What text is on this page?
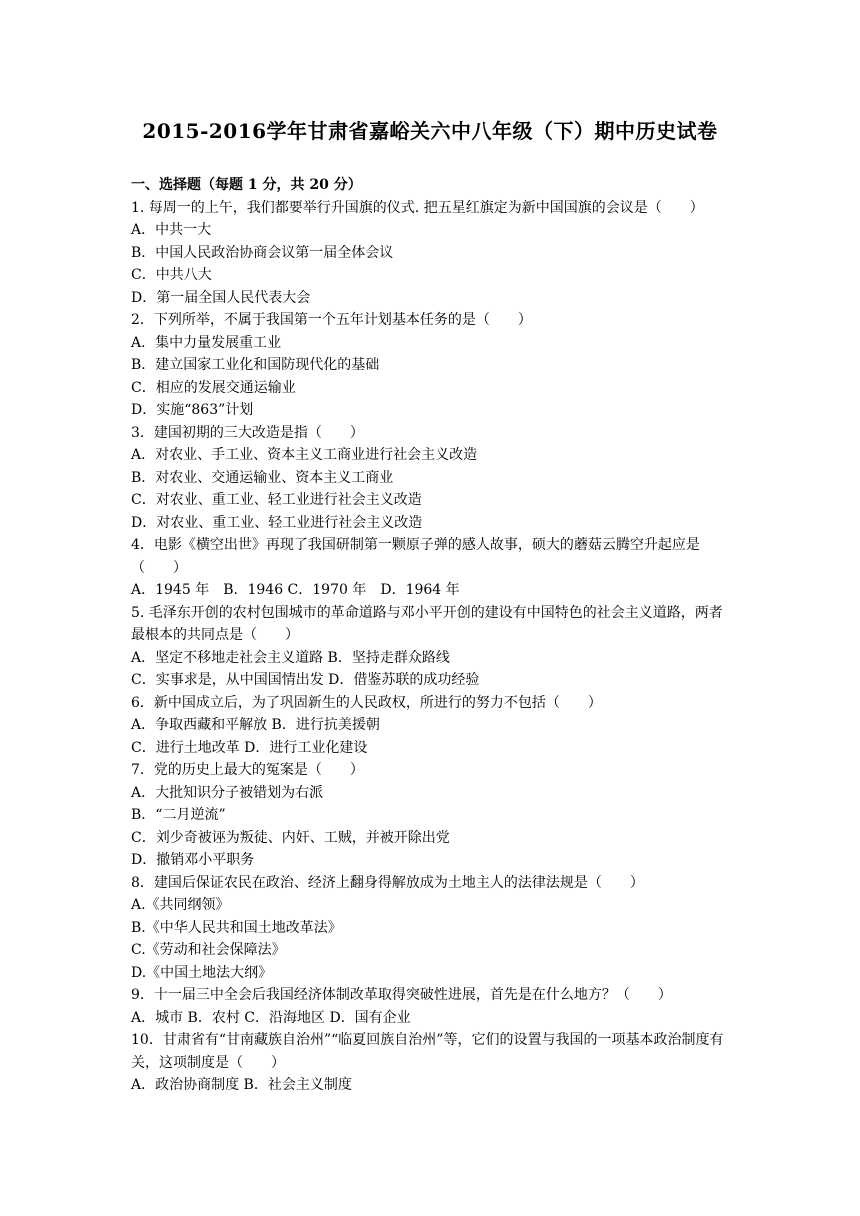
2015-2016学年甘肃省嘉峪关六中八年级（下）期中历史试卷
一、选择题（每题 1 分，共 20 分）
1. 每周一的上午，我们都要举行升国旗的仪式. 把五星红旗定为新中国国旗的会议是（　　）
A．中共一大
B．中国人民政治协商会议第一届全体会议
C．中共八大
D．第一届全国人民代表大会
2．下列所举，不属于我国第一个五年计划基本任务的是（　　）
A．集中力量发展重工业
B．建立国家工业化和国防现代化的基础
C．相应的发展交通运输业
D．实施“863”计划
3．建国初期的三大改造是指（　　）
A．对农业、手工业、资本主义工商业进行社会主义改造
B．对农业、交通运输业、资本主义工商业
C．对农业、重工业、轻工业进行社会主义改造
D．对农业、重工业、轻工业进行社会主义改造
4．电影《横空出世》再现了我国研制第一颗原子弹的感人故事，硕大的蘑菇云腾空升起应是（　　）
A．1945 年　B．1946 C．1970 年　D．1964 年
5. 毛泽东开创的农村包围城市的革命道路与邓小平开创的建设有中国特色的社会主义道路，两者最根本的共同点是（　　）
A．坚定不移地走社会主义道路 B．坚持走群众路线
C．实事求是，从中国国情出发 D．借鉴苏联的成功经验
6．新中国成立后，为了巩固新生的人民政权，所进行的努力不包括（　　）
A．争取西藏和平解放 B．进行抗美援朝
C．进行土地改革 D．进行工业化建设
7．党的历史上最大的冤案是（　　）
A．大批知识分子被错划为右派
B．“二月逆流”
C．刘少奇被诬为叛徒、内奸、工贼，并被开除出党
D．撤销邓小平职务
8．建国后保证农民在政治、经济上翻身得解放成为土地主人的法律法规是（　　）
A.《共同纲领》
B.《中华人民共和国土地改革法》
C.《劳动和社会保障法》
D.《中国土地法大纲》
9．十一届三中全会后我国经济体制改革取得突破性进展，首先是在什么地方？（　　）
A．城市 B．农村 C．沿海地区 D．国有企业
10．甘肃省有“甘南藏族自治州”“临夏回族自治州”等，它们的设置与我国的一项基本政治制度有关，这项制度是（　　）
A．政治协商制度 B．社会主义制度
